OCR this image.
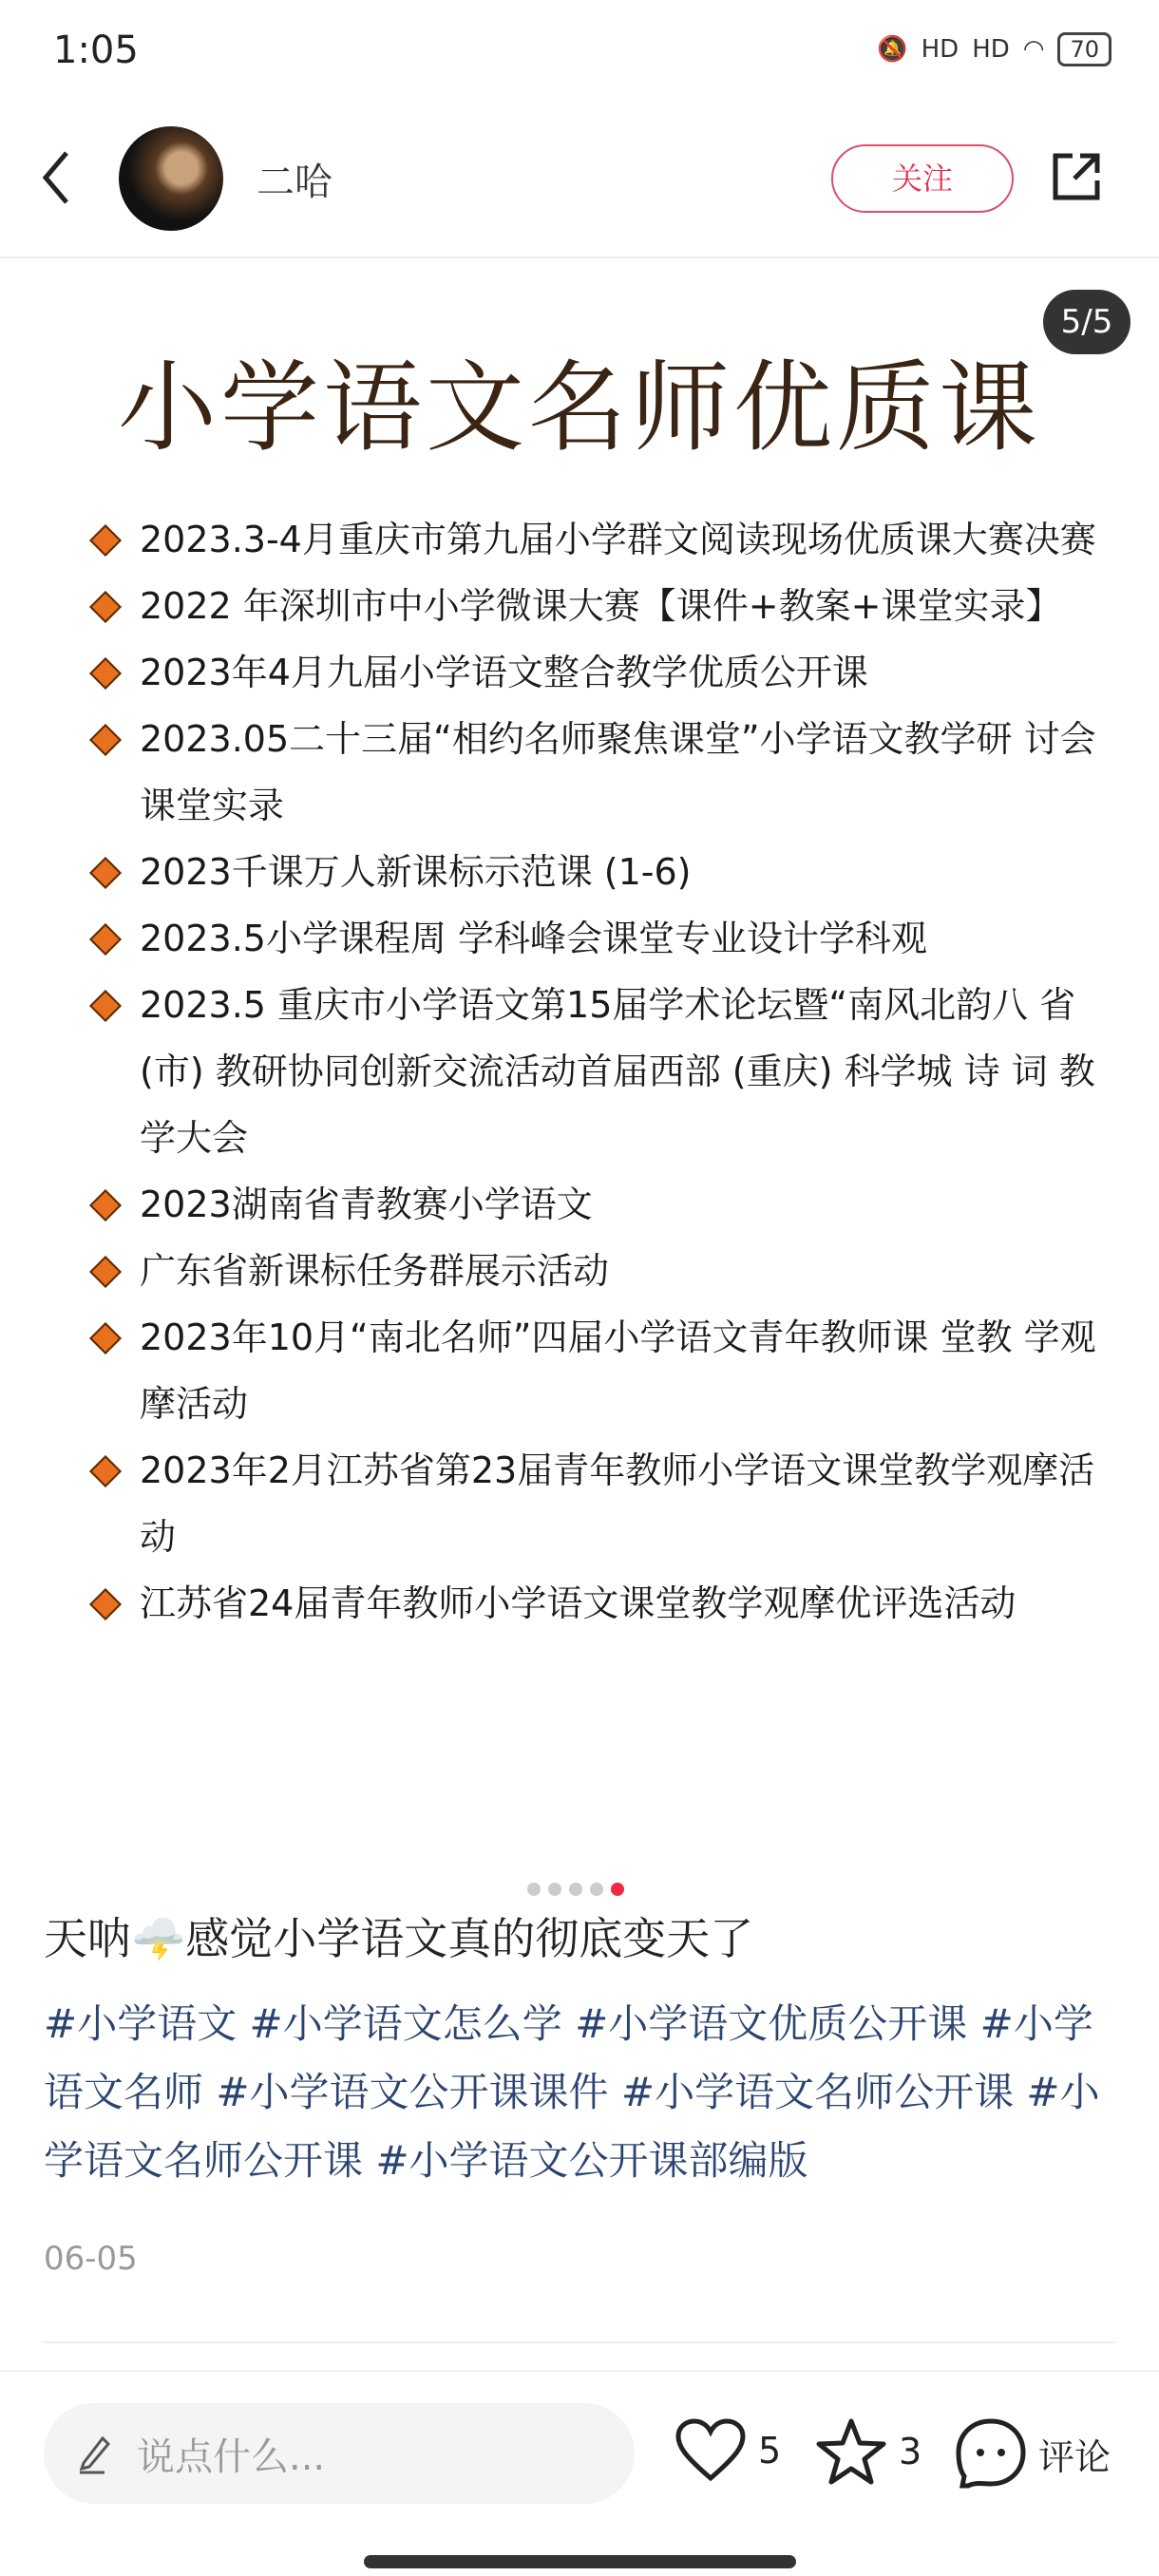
1:05	🔕 HD HD ◠	70
二哈	关注
5/5
小学语文名师优质课
2023.3-4月重庆市第九届小学群文阅读现场优质课大赛决赛
2022 年深圳市中小学微课大赛【课件+教案+课堂实录】
2023年4月九届小学语文整合教学优质公开课
2023.05二十三届“相约名师聚焦课堂”小学语文教学研 讨会课堂实录
2023千课万人新课标示范课 (1-6)
2023.5小学课程周 学科峰会课堂专业设计学科观
2023.5 重庆市小学语文第15届学术论坛暨“南风北韵八 省 (市) 教研协同创新交流活动首届西部 (重庆) 科学城 诗 词 教学大会
2023湖南省青教赛小学语文
广东省新课标任务群展示活动
2023年10月“南北名师”四届小学语文青年教师课 堂教 学观摩活动
2023年2月江苏省第23届青年教师小学语文课堂教学观摩活动
江苏省24届青年教师小学语文课堂教学观摩优评选活动
天呐🌩️感觉小学语文真的彻底变天了
#小学语文 #小学语文怎么学 #小学语文优质公开课 #小学语文名师 #小学语文公开课课件 #小学语文名师公开课 #小学语文名师公开课 #小学语文公开课部编版
06-05
说点什么...	5	3	评论
